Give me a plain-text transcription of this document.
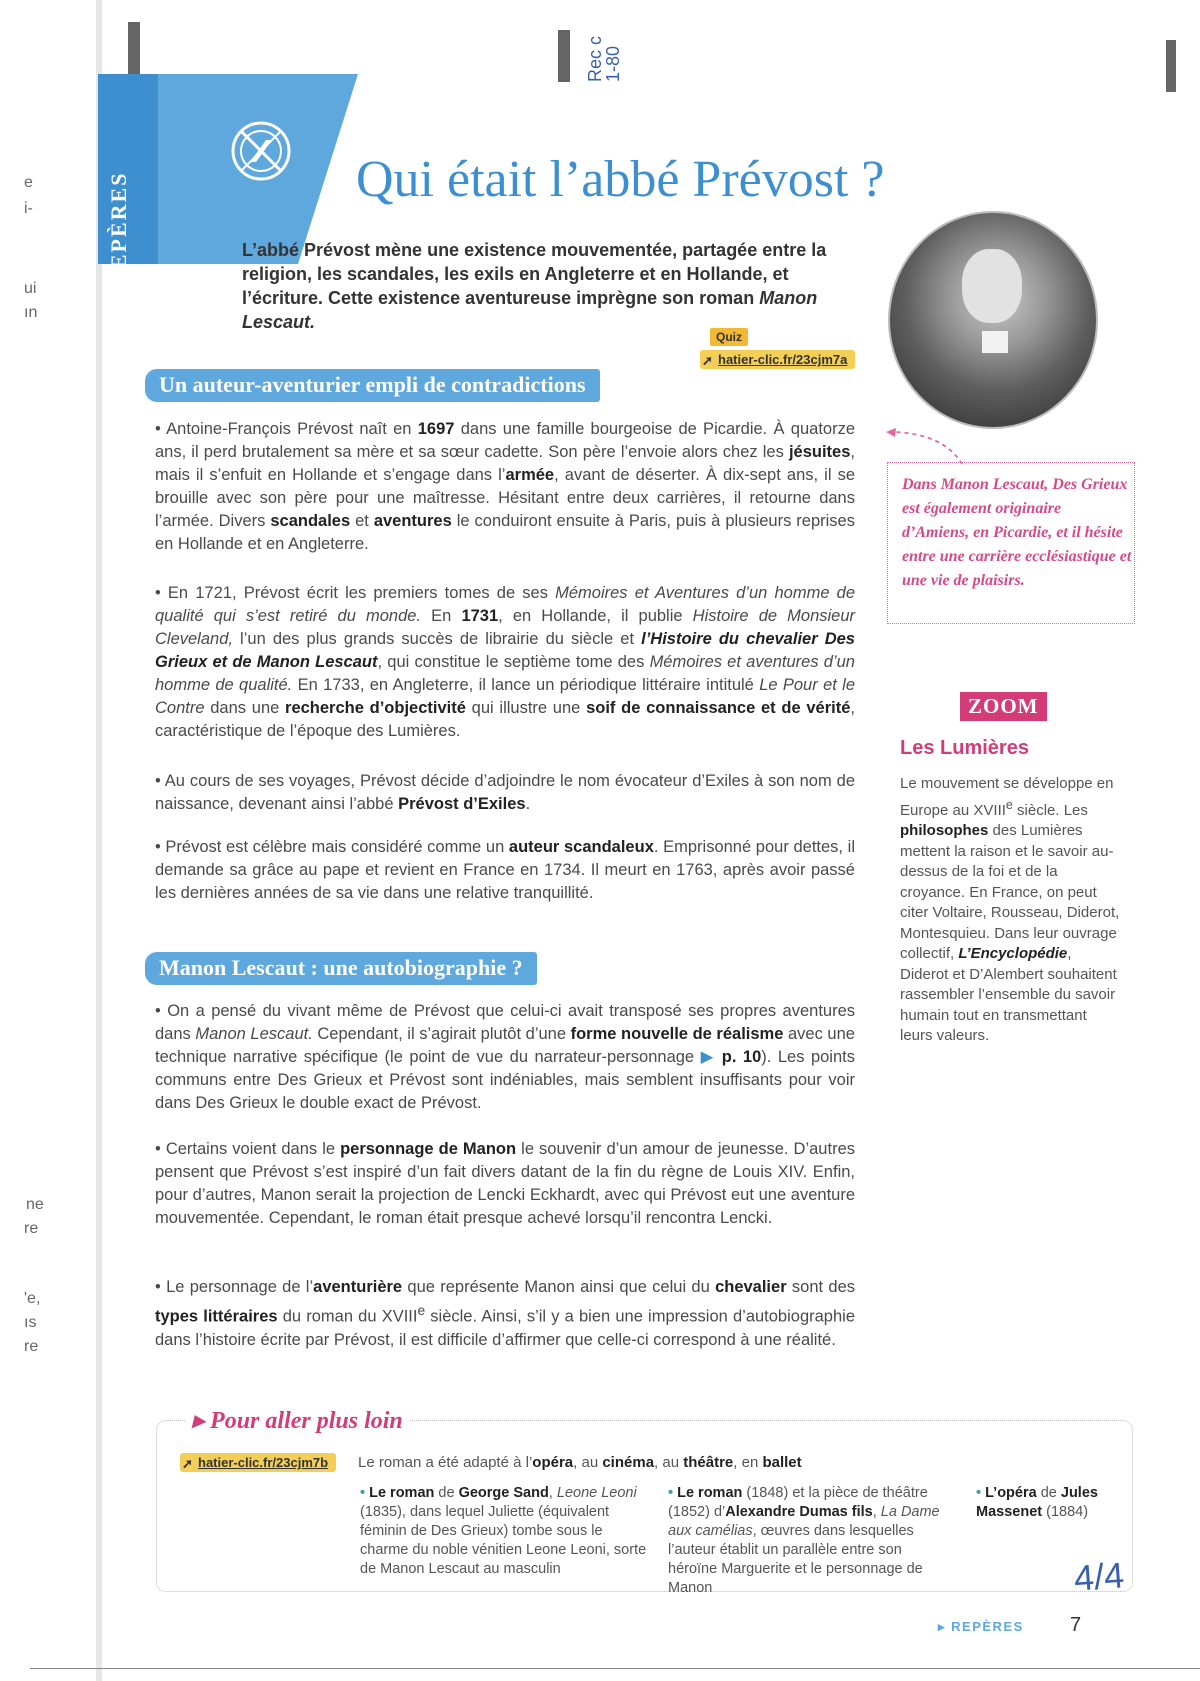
e
i-
ui
ın
ne
re
'e,
ıs
re
Rec c
1-80
REPÈRES	Qui était l’abbé Prévost ?
L’abbé Prévost mène une existence mouvementée, partagée entre la religion, les scandales, les exils en Angleterre et en Hollande, et l’écriture. Cette existence aventureuse imprègne son roman Manon Lescaut.
Quiz
➚ hatier-clic.fr/23cjm7a
Dans Manon Lescaut, Des Grieux est également originaire d’Amiens, en Picardie, et il hésite entre une carrière ecclésiastique et une vie de plaisirs.
Un auteur-aventurier empli de contradictions
• Antoine-François Prévost naît en 1697 dans une famille bourgeoise de Picardie. À quatorze ans, il perd brutalement sa mère et sa sœur cadette. Son père l’envoie alors chez les jésuites, mais il s’enfuit en Hollande et s’engage dans l’armée, avant de déserter. À dix-sept ans, il se brouille avec son père pour une maîtresse. Hésitant entre deux carrières, il retourne dans l’armée. Divers scandales et aventures le conduiront ensuite à Paris, puis à plusieurs reprises en Hollande et en Angleterre.
• En 1721, Prévost écrit les premiers tomes de ses Mémoires et Aventures d’un homme de qualité qui s’est retiré du monde. En 1731, en Hollande, il publie Histoire de Monsieur Cleveland, l’un des plus grands succès de librairie du siècle et l’Histoire du chevalier Des Grieux et de Manon Lescaut, qui constitue le septième tome des Mémoires et aventures d’un homme de qualité. En 1733, en Angleterre, il lance un périodique littéraire intitulé Le Pour et le Contre dans une recherche d’objectivité qui illustre une soif de connaissance et de vérité, caractéristique de l’époque des Lumières.
• Au cours de ses voyages, Prévost décide d’adjoindre le nom évocateur d’Exiles à son nom de naissance, devenant ainsi l’abbé Prévost d’Exiles.
• Prévost est célèbre mais considéré comme un auteur scandaleux. Emprisonné pour dettes, il demande sa grâce au pape et revient en France en 1734. Il meurt en 1763, après avoir passé les dernières années de sa vie dans une relative tranquillité.
Manon Lescaut : une autobiographie ?
• On a pensé du vivant même de Prévost que celui-ci avait transposé ses propres aventures dans Manon Lescaut. Cependant, il s’agirait plutôt d’une forme nouvelle de réalisme avec une technique narrative spécifique (le point de vue du narrateur-personnage ▶ p. 10). Les points communs entre Des Grieux et Prévost sont indéniables, mais semblent insuffisants pour voir dans Des Grieux le double exact de Prévost.
• Certains voient dans le personnage de Manon le souvenir d’un amour de jeunesse. D’autres pensent que Prévost s’est inspiré d’un fait divers datant de la fin du règne de Louis XIV. Enfin, pour d’autres, Manon serait la projection de Lencki Eckhardt, avec qui Prévost eut une aventure mouvementée. Cependant, le roman était presque achevé lorsqu’il rencontra Lencki.
• Le personnage de l’aventurière que représente Manon ainsi que celui du chevalier sont des types littéraires du roman du XVIIIe siècle. Ainsi, s’il y a bien une impression d’autobiographie dans l’histoire écrite par Prévost, il est difficile d’affirmer que celle-ci correspond à une réalité.
ZOOM
Les Lumières
Le mouvement se développe en Europe au XVIIIe siècle. Les philosophes des Lumières mettent la raison et le savoir au-dessus de la foi et de la croyance. En France, on peut citer Voltaire, Rousseau, Diderot, Montesquieu. Dans leur ouvrage collectif, L’Encyclopédie, Diderot et D’Alembert souhaitent rassembler l’ensemble du savoir humain tout en transmettant leurs valeurs.
▸ Pour aller plus loin
➚ hatier-clic.fr/23cjm7b	Le roman a été adapté à l’opéra, au cinéma, au théâtre, en ballet
• Le roman de George Sand, Leone Leoni (1835), dans lequel Juliette (équivalent féminin de Des Grieux) tombe sous le charme du noble vénitien Leone Leoni, sorte de Manon Lescaut au masculin
• Le roman (1848) et la pièce de théâtre (1852) d’Alexandre Dumas fils, La Dame aux camélias, œuvres dans lesquelles l’auteur établit un parallèle entre son héroïne Marguerite et le personnage de Manon
• L’opéra de Jules Massenet (1884)
4/4
▸ REPÈRES 7
